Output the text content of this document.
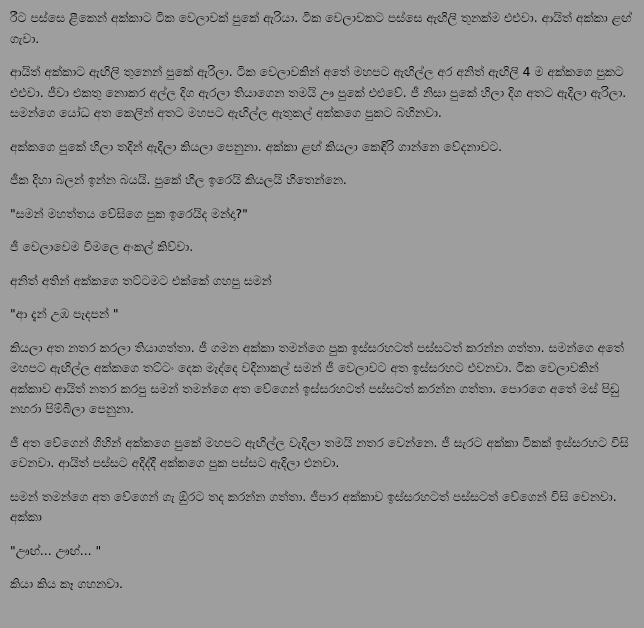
රීට පස්සෙ ළීකෙන් අක්කාට ටික වෙලාවක් පුකේ ඇරියා. ටික වෙලාවකට පස්සෙ ඇඟිලි තුනක්ම එළුවා. ආයිත් අක්කා ළඟ් ගැවා.

ආයිත් අක්කාට ඇඟිලි තුනෙන් පුකේ ඇරිලා. ටික වෙලාවකින් අතේ මහපට ඇඟිල්ල අර අනිත් ඇඟිලි 4 ම අක්කගෙ පුකට එළුවා. ජීවා එකතු නොකර අල්ල දිග ඇරලා තියාගෙන තමයි ඌ පුකේ එළුවේ. ජී නිසා පුකේ හිලා දිග අතට ඇදිලා ඇරිලා. සමන්ගෙ යෝධ අත කෙලින් අතට මහපට ඇඟිල්ල ඇතුකල් අක්කගෙ පුකට බහිනවා.

අක්කගෙ පුකේ හිලා තදින් ඇදිලා කියලා පෙනුනා. අක්කා ළඟ් කියලා කෙඳිරි ගාන්නෙ වේදනාවට.

ජීක දිහා බලන් ඉන්න බයයි. පුකේ හිල ඉරෙයි කියලයි හිතෙන්නෙ.

"සමන් මහත්තය වේසිගෙ පුක ඉරෙයිද මන්දා?"

ජී වෙලාවෙම විමලෙ අංකල් කිව්වා.

අනිත් අතින් අක්කගෙ තට්ටමට එක්කේ ගහපු සමන්

"ආ දැන් උඹ පැදපන් "

කියලා අත නතර කරලා තියාගත්තා. ජී ගමන අක්කා තමන්ගෙ පුක ඉස්සරහටත් පස්සටත් කරන්න ගත්තා. සමන්ගෙ අතේ මහපට ඇඟිල්ල අක්කගෙ තට්ටං දෙක මැද්දෙ වදිනාකල් සමන් ජී වෙලාවට අත ඉස්සරහට එවනවා. ටික වෙලාවකින් අක්කාව ආයිත් නතර කරපු සමන් තමන්ගෙ අත වේගෙන් ඉස්සරහටත් පස්සටත් කරන්න ගත්තා. පොරගෙ අතේ මස් පිඩු නහරා පිම්බිලා පෙනුනා.

ජී අත වේගෙන් ගිහින් අක්කගෙ පුකේ මහපට ඇඟිල්ල වැදිලා තමයි නතර වෙන්නෙ. ජී සැරට අක්කා ටිකක් ඉස්සරහට විසි වෙනවා. ආයිත් පස්සට අදිද්දී අක්කගෙ පුක පස්සට ඇදිලා එනවා.

සමන් තමන්ගෙ අත වේගෙන් ගැ ඕුරට තද කරන්න ගත්තා. ජීපාර අක්කාව ඉස්සරහටත් පස්සටත් වේගෙන් විසි වෙනවා. අක්කා

"ඌඟ්... ඌඟ්... "

කියා කිය කෑ ගහනවා.
